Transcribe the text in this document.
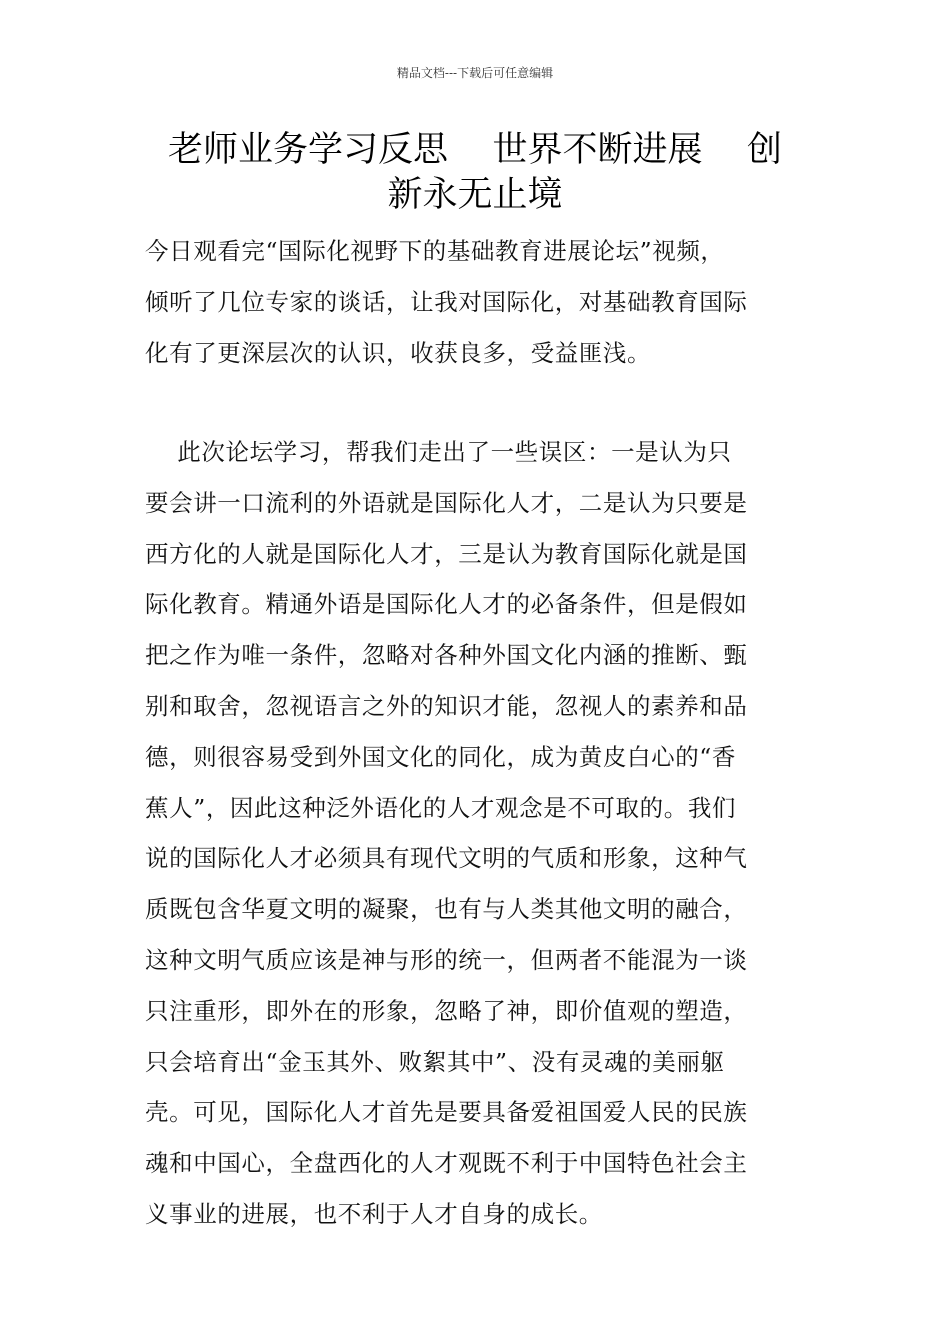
精品文档---下载后可任意编辑
老师业务学习反思    世界不断进展    创
新永无止境
今日观看完“国际化视野下的基础教育进展论坛”视频，
倾听了几位专家的谈话，让我对国际化，对基础教育国际
化有了更深层次的认识，收获良多，受益匪浅。
此次论坛学习，帮我们走出了一些误区：一是认为只
要会讲一口流利的外语就是国际化人才，二是认为只要是
西方化的人就是国际化人才，三是认为教育国际化就是国
际化教育。精通外语是国际化人才的必备条件，但是假如
把之作为唯一条件，忽略对各种外国文化内涵的推断、甄
别和取舍，忽视语言之外的知识才能，忽视人的素养和品
德，则很容易受到外国文化的同化，成为黄皮白心的“香
蕉人”，因此这种泛外语化的人才观念是不可取的。我们
说的国际化人才必须具有现代文明的气质和形象，这种气
质既包含华夏文明的凝聚，也有与人类其他文明的融合，
这种文明气质应该是神与形的统一，但两者不能混为一谈
只注重形，即外在的形象，忽略了神，即价值观的塑造，
只会培育出“金玉其外、败絮其中”、没有灵魂的美丽躯
壳。可见，国际化人才首先是要具备爱祖国爱人民的民族
魂和中国心，全盘西化的人才观既不利于中国特色社会主
义事业的进展，也不利于人才自身的成长。
